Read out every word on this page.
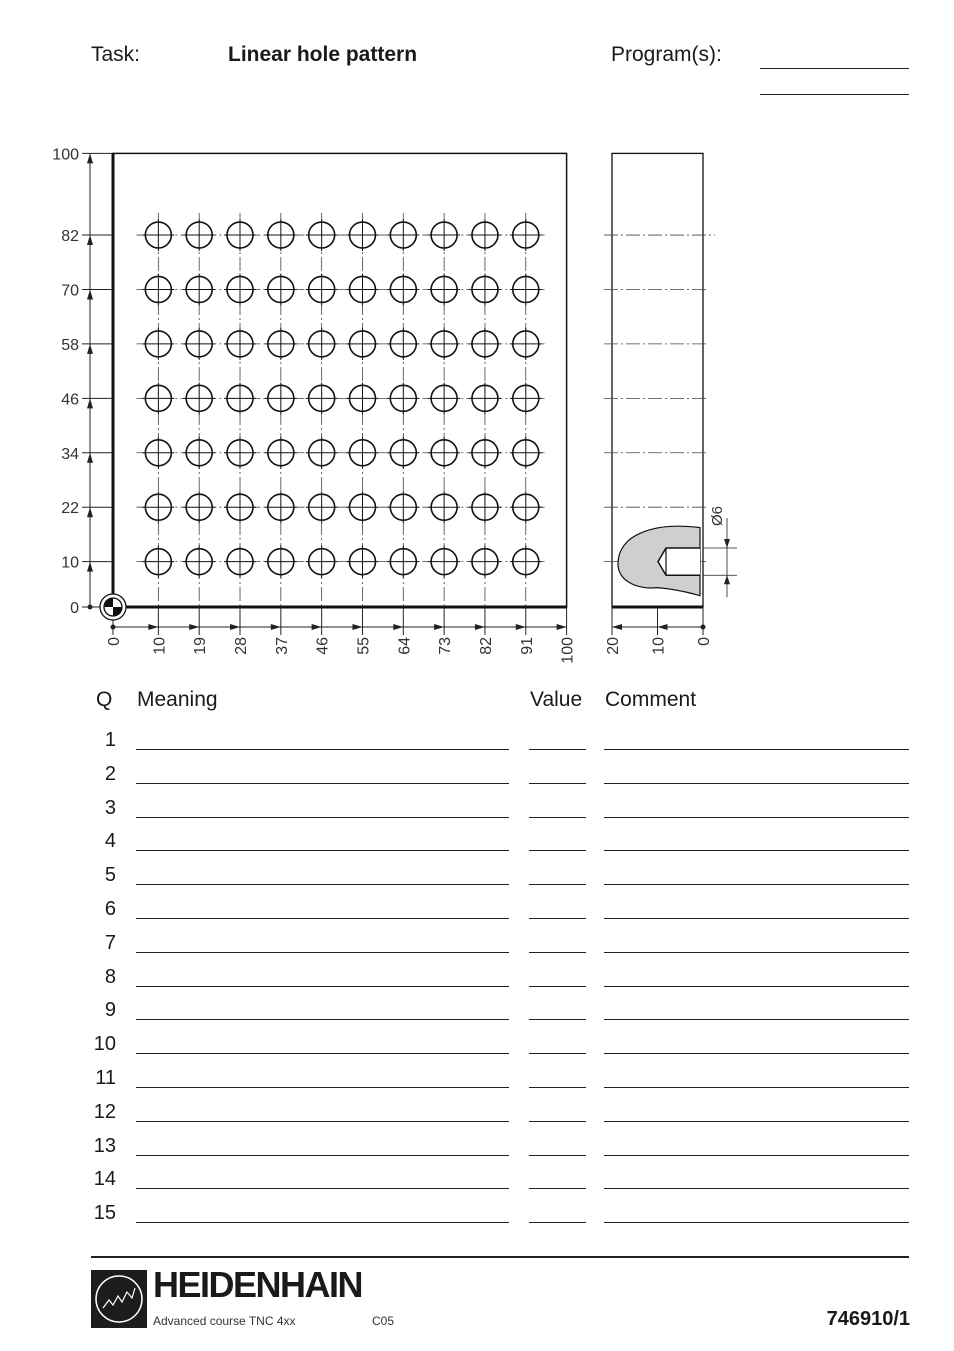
Task:	Linear hole pattern	Program(s):
0
10
22
34
46
58
70
82
100
0 10 19 28 37 46 55 64 73 82 91 100
Ø6
20 10 0
Q Meaning	Value Comment
1
2
3
4
5
6
7
8
9
10
11
12
13
14
15
HEIDENHAIN
Advanced course TNC 4xx	C05	746910/1
